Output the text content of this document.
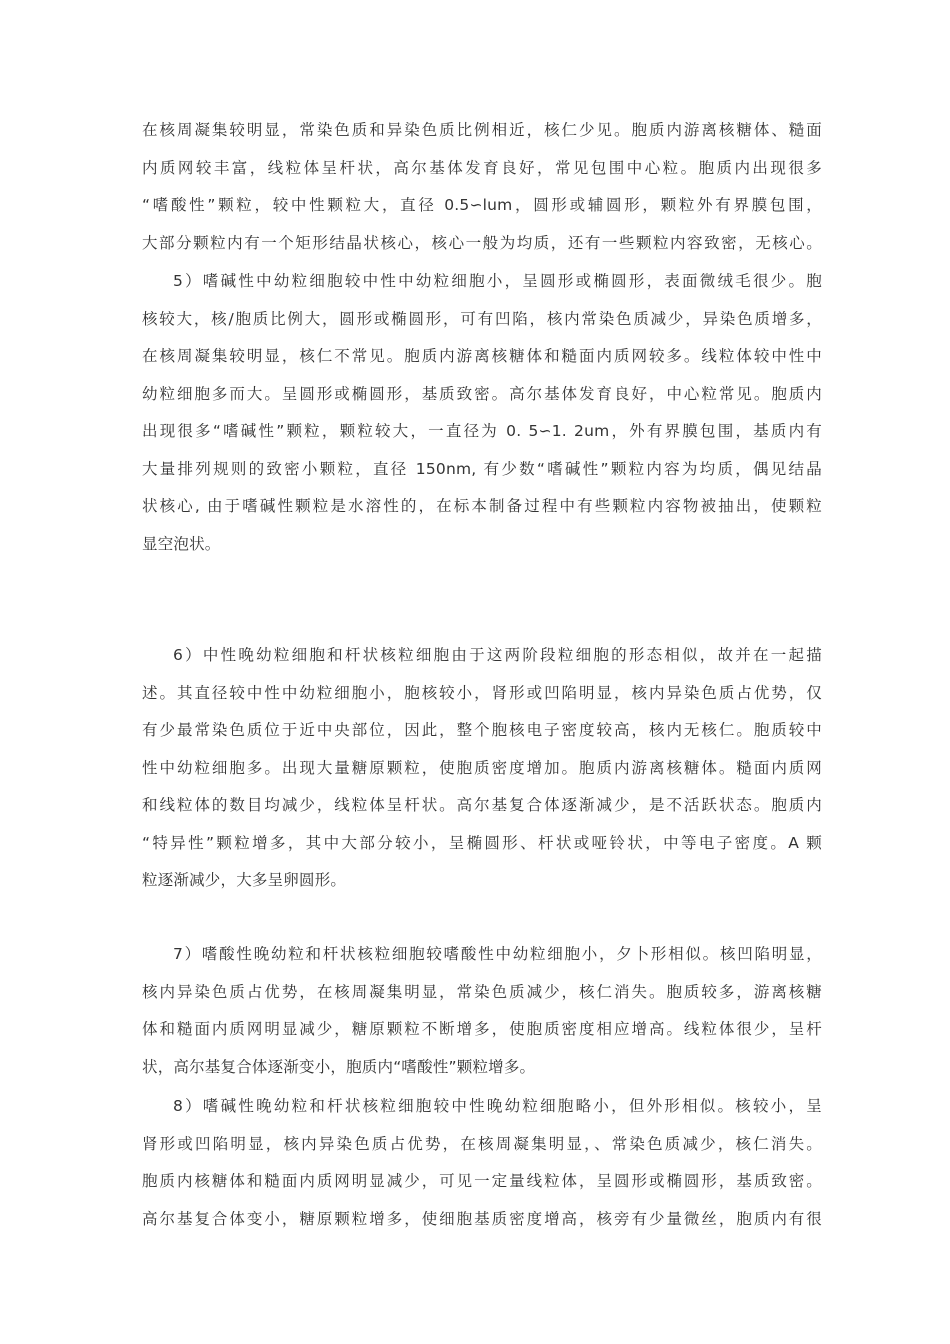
在核周凝集较明显，常染色质和异染色质比例相近，核仁少见。胞质内游离核糖体、糙面
内质网较丰富，线粒体呈杆状，高尔基体发育良好，常见包围中心粒。胞质内出现很多
“嗜酸性”颗粒，较中性颗粒大，直径 0.5∽lum，圆形或辅圆形，颗粒外有界膜包围，
大部分颗粒内有一个矩形结晶状核心，核心一般为均质，还有一些颗粒内容致密，无核心。
5）嗜碱性中幼粒细胞较中性中幼粒细胞小，呈圆形或椭圆形，表面微绒毛很少。胞
核较大，核/胞质比例大，圆形或椭圆形，可有凹陷，核内常染色质减少，异染色质增多，
在核周凝集较明显，核仁不常见。胞质内游离核糖体和糙面内质网较多。线粒体较中性中
幼粒细胞多而大。呈圆形或椭圆形，基质致密。高尔基体发育良好，中心粒常见。胞质内
出现很多“嗜碱性”颗粒，颗粒较大，一直径为 0. 5∽1. 2um，外有界膜包围，基质内有
大量排列规则的致密小颗粒，直径 150nm, 有少数“嗜碱性”颗粒内容为均质，偶见结晶
状核心, 由于嗜碱性颗粒是水溶性的，在标本制备过程中有些颗粒内容物被抽出，使颗粒
显空泡状。
6）中性晚幼粒细胞和杆状核粒细胞由于这两阶段粒细胞的形态相似，故并在一起描
述。其直径较中性中幼粒细胞小，胞核较小，肾形或凹陷明显，核内异染色质占优势，仅
有少最常染色质位于近中央部位，因此，整个胞核电子密度较高，核内无核仁。胞质较中
性中幼粒细胞多。出现大量糖原颗粒，使胞质密度增加。胞质内游离核糖体。糙面内质网
和线粒体的数目均减少，线粒体呈杆状。高尔基复合体逐渐减少，是不活跃状态。胞质内
“特异性”颗粒增多，其中大部分较小，呈椭圆形、杆状或哑铃状，中等电子密度。A 颗
粒逐渐减少，大多呈卵圆形。
7）嗜酸性晚幼粒和杆状核粒细胞较嗜酸性中幼粒细胞小，夕卜形相似。核凹陷明显，
核内异染色质占优势，在核周凝集明显，常染色质减少，核仁消失。胞质较多，游离核糖
体和糙面内质网明显减少，糖原颗粒不断增多，使胞质密度相应增高。线粒体很少，呈杆
状，高尔基复合体逐渐变小，胞质内“嗜酸性”颗粒增多。
8）嗜碱性晚幼粒和杆状核粒细胞较中性晚幼粒细胞略小，但外形相似。核较小，呈
肾形或凹陷明显，核内异染色质占优势，在核周凝集明显，、常染色质减少，核仁消失。
胞质内核糖体和糙面内质网明显减少，可见一定量线粒体，呈圆形或椭圆形，基质致密。
高尔基复合体变小，糖原颗粒增多，使细胞基质密度增高，核旁有少量微丝，胞质内有很
